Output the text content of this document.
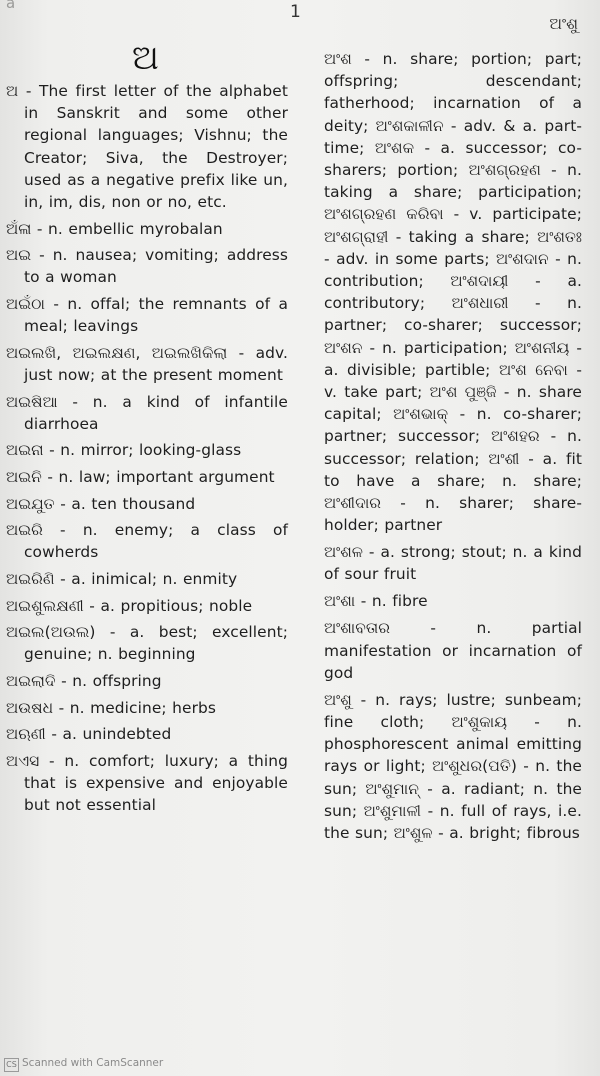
a	1
ଅଂଶୁ
ଅ

ଅ - The first letter of the alphabet in Sanskrit and some other regional languages; Vishnu; the Creator; Siva, the Destroyer; used as a negative prefix like un, in, im, dis, non or no, etc.

ଅଁଳା - n. embellic myrobalan

ଅଇ - n. nausea; vomiting; address to a woman

ଅଇଁଠା - n. offal; the remnants of a meal; leavings

ଅଇଲଖି, ଅଇଲକ୍ଷଣ, ଅଇଲଖିକିଲା - adv. just now; at the present moment

ଅଇଷିଆ - n. a kind of infantile diarrhoea

ଅଇନା - n. mirror; looking-glass

ଅଇନି - n. law; important argument

ଅଇଯୁତ - a. ten thousand

ଅଇରି - n. enemy; a class of cowherds

ଅଇରିଣି - a. inimical; n. enmity

ଅଇଶୁଲକ୍ଷଣୀ - a. propitious; noble

ଅଇଲ(ଅଉଲ) - a. best; excellent; genuine; n. beginning

ଅଇଲାଦି - n. offspring

ଅଉଷଧ - n. medicine; herbs

ଅଋଣୀ - a. unindebted

ଅଏସ - n. comfort; luxury; a thing that is expensive and enjoyable but not essential

ଅଂଶ - n. share; portion; part; offspring; descendant; fatherhood; incarnation of a deity; ଅଂଶକାଳୀନ - adv. & a. part-time; ଅଂଶକ - a. successor; co-sharers; portion; ଅଂଶଗ୍ରହଣ - n. taking a share; participation; ଅଂଶଗ୍ରହଣ କରିବା - v. participate; ଅଂଶଗ୍ରାହୀ - taking a share; ଅଂଶତଃ - adv. in some parts; ଅଂଶଦାନ - n. contribution; ଅଂଶଦାୟୀ - a. contributory; ଅଂଶଧାରୀ - n. partner; co-sharer; successor; ଅଂଶନ - n. participation; ଅଂଶନୀୟ - a. divisible; partible; ଅଂଶ ନେବା - v. take part; ଅଂଶ ପୁଞ୍ଜି - n. share capital; ଅଂଶଭାକ୍ - n. co-sharer; partner; successor; ଅଂଶହର - n. successor; relation; ଅଂଶୀ - a. fit to have a share; n. share; ଅଂଶୀଦାର - n. sharer; share-holder; partner

ଅଂଶଳ - a. strong; stout; n. a kind of sour fruit

ଅଂଶା - n. fibre

ଅଂଶାବତାର - n. partial manifestation or incarnation of god

ଅଂଶୁ - n. rays; lustre; sunbeam; fine cloth; ଅଂଶୁକାୟ - n. phosphorescent animal emitting rays or light; ଅଂଶୁଧର(ପତି) - n. the sun; ଅଂଶୁମାନ୍ - a. radiant; n. the sun; ଅଂଶୁମାଳୀ - n. full of rays, i.e. the sun; ଅଂଶୁଳ - a. bright; fibrous

CS Scanned with CamScanner
